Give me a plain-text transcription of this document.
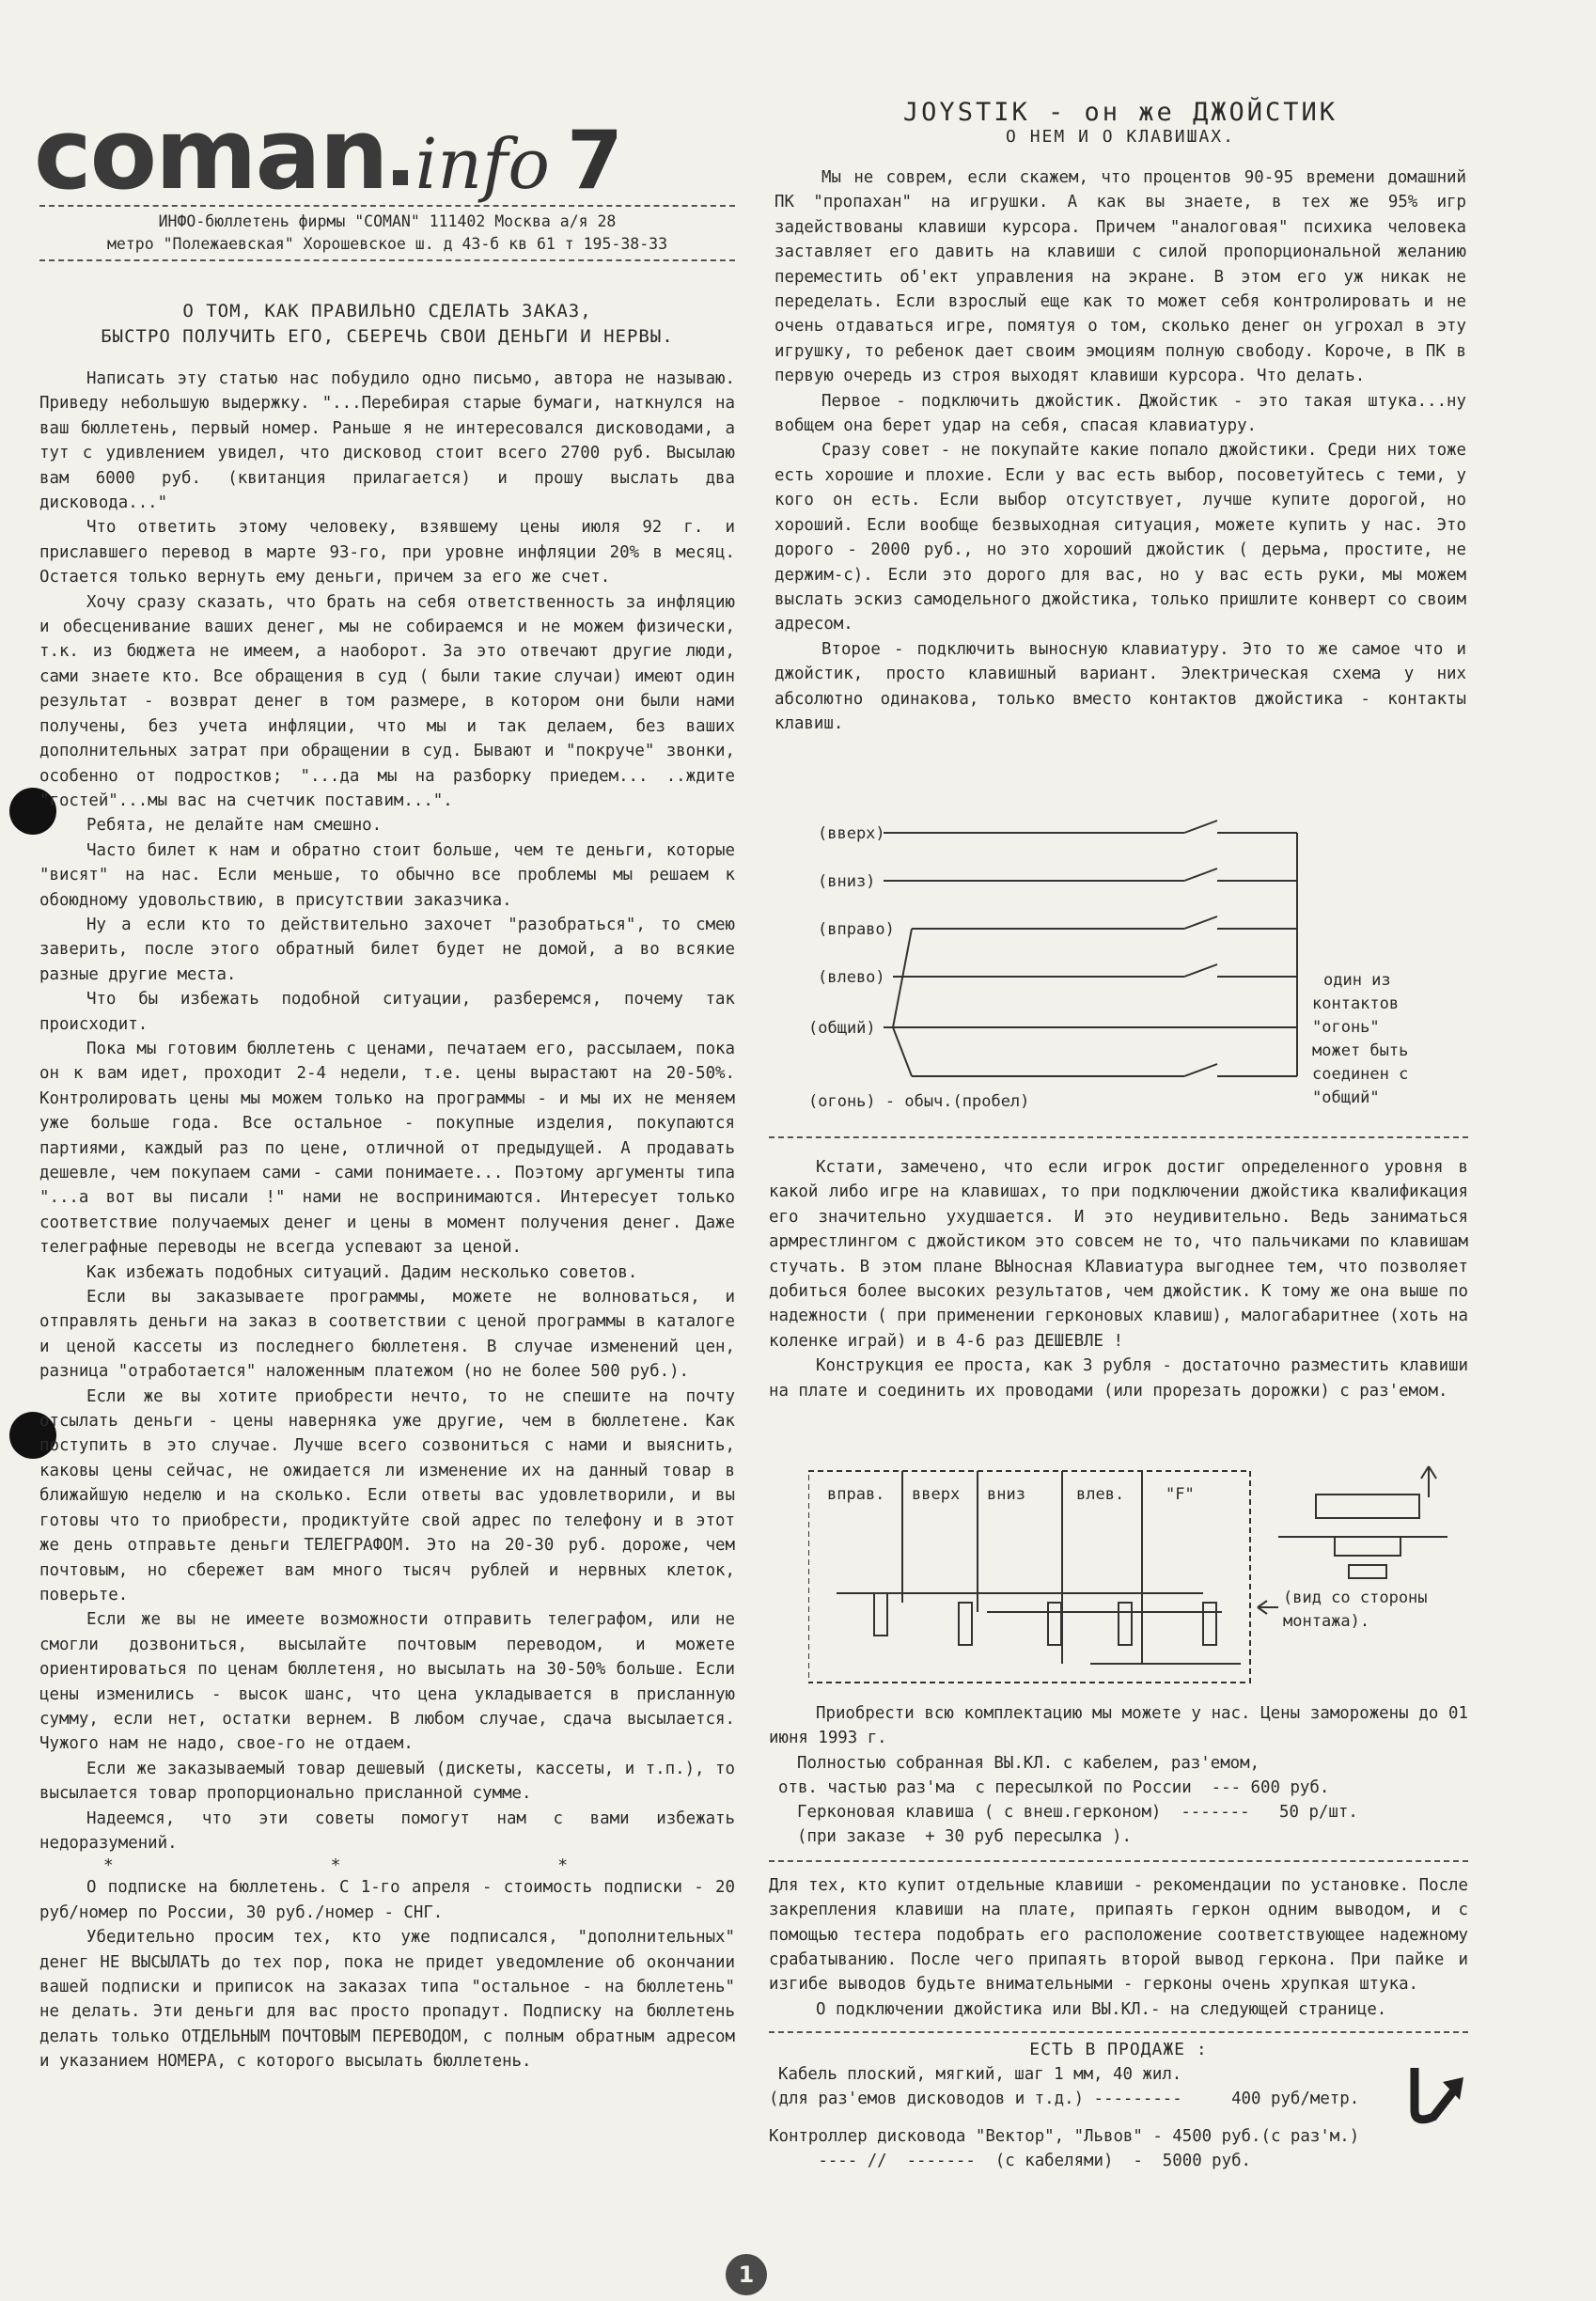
coman info 7
ИНФО-бюллетень фирмы "COMAN" 111402 Москва а/я 28
метро "Полежаевская" Хорошевское ш. д 43-б кв 61 т 195-38-33
О ТОМ, КАК ПРАВИЛЬНО СДЕЛАТЬ ЗАКАЗ,
БЫСТРО ПОЛУЧИТЬ ЕГО, СБЕРЕЧЬ СВОИ ДЕНЬГИ И НЕРВЫ.

Написать эту статью нас побудило одно письмо, автора не называю. Приведу небольшую выдержку. "...Перебирая старые бумаги, наткнулся на ваш бюллетень, первый номер. Раньше я не интересовался дисководами, а тут с удивлением увидел, что дисковод стоит всего 2700 руб. Высылаю вам 6000 руб. (квитанция прилагается) и прошу выслать два дисковода..."

Что ответить этому человеку, взявшему цены июля 92 г. и приславшего перевод в марте 93-го, при уровне инфляции 20% в месяц. Остается только вернуть ему деньги, причем за его же счет.

Хочу сразу сказать, что брать на себя ответственность за инфляцию и обесценивание ваших денег, мы не собираемся и не можем физически, т.к. из бюджета не имеем, а наоборот. За это отвечают другие люди, сами знаете кто. Все обращения в суд ( были такие случаи) имеют один результат - возврат денег в том размере, в котором они были нами получены, без учета инфляции, что мы и так делаем, без ваших дополнительных затрат при обращении в суд. Бывают и "покруче" звонки, особенно от подростков; "...да мы на разборку приедем... ..ждите "гостей"...мы вас на счетчик поставим...".

Ребята, не делайте нам смешно.

Часто билет к нам и обратно стоит больше, чем те деньги, которые "висят" на нас. Если меньше, то обычно все проблемы мы решаем к обоюдному удовольствию, в присутствии заказчика.

Ну а если кто то действительно захочет "разобраться", то смею заверить, после этого обратный билет будет не домой, а во всякие разные другие места.

Что бы избежать подобной ситуации, разберемся, почему так происходит.

Пока мы готовим бюллетень с ценами, печатаем его, рассылаем, пока он к вам идет, проходит 2-4 недели, т.е. цены вырастают на 20-50%. Контролировать цены мы можем только на программы - и мы их не меняем уже больше года. Все остальное - покупные изделия, покупаются партиями, каждый раз по цене, отличной от предыдущей. А продавать дешевле, чем покупаем сами - сами понимаете... Поэтому аргументы типа "...а вот вы писали !" нами не воспринимаются. Интересует только соответствие получаемых денег и цены в момент получения денег. Даже телеграфные переводы не всегда успевают за ценой.

Как избежать подобных ситуаций. Дадим несколько советов.

Если вы заказываете программы, можете не волноваться, и отправлять деньги на заказ в соответствии с ценой программы в каталоге и ценой кассеты из последнего бюллетеня. В случае изменений цен, разница "отработается" наложенным платежом (но не более 500 руб.).

Если же вы хотите приобрести нечто, то не спешите на почту отсылать деньги - цены наверняка уже другие, чем в бюллетене. Как поступить в это случае. Лучше всего созвониться с нами и выяснить, каковы цены сейчас, не ожидается ли изменение их на данный товар в ближайшую неделю и на сколько. Если ответы вас удовлетворили, и вы готовы что то приобрести, продиктуйте свой адрес по телефону и в этот же день отправьте деньги ТЕЛЕГРАФОМ. Это на 20-30 руб. дороже, чем почтовым, но сбережет вам много тысяч рублей и нервных клеток, поверьте.

Если же вы не имеете возможности отправить телеграфом, или не смогли дозвониться, высылайте почтовым переводом, и можете ориентироваться по ценам бюллетеня, но высылать на 30-50% больше. Если цены изменились - высок шанс, что цена укладывается в присланную сумму, если нет, остатки вернем. В любом случае, сдача высылается. Чужого нам не надо, свое-го не отдаем.

Если же заказываемый товар дешевый (дискеты, кассеты, и т.п.), то высылается товар пропорционально присланной сумме.

Надеемся, что эти советы помогут нам с вами избежать недоразумений.

* * *

О подписке на бюллетень. С 1-го апреля - стоимость подписки - 20 руб/номер по России, 30 руб./номер - СНГ.

Убедительно просим тех, кто уже подписался, "дополнительных" денег НЕ ВЫСЫЛАТЬ до тех пор, пока не придет уведомление об окончании вашей подписки и приписок на заказах типа "остальное - на бюллетень" не делать. Эти деньги для вас просто пропадут. Подписку на бюллетень делать только ОТДЕЛЬНЫМ ПОЧТОВЫМ ПЕРЕВОДОМ, с полным обратным адресом и указанием НОМЕРА, с которого высылать бюллетень.

JOYSTIK - он же ДЖОЙСТИК
О НЕМ И О КЛАВИШАХ.

Мы не соврем, если скажем, что процентов 90-95 времени домашний ПК "пропахан" на игрушки. А как вы знаете, в тех же 95% игр задействованы клавиши курсора. Причем "аналоговая" психика человека заставляет его давить на клавиши с силой пропорциональной желанию переместить об'ект управления на экране. В этом его уж никак не переделать. Если взрослый еще как то может себя контролировать и не очень отдаваться игре, помятуя о том, сколько денег он угрохал в эту игрушку, то ребенок дает своим эмоциям полную свободу. Короче, в ПК в первую очередь из строя выходят клавиши курсора. Что делать.

Первое - подключить джойстик. Джойстик - это такая штука...ну вобщем она берет удар на себя, спасая клавиатуру.

Сразу совет - не покупайте какие попало джойстики. Среди них тоже есть хорошие и плохие. Если у вас есть выбор, посоветуйтесь с теми, у кого он есть. Если выбор отсутствует, лучше купите дорогой, но хороший. Если вообще безвыходная ситуация, можете купить у нас. Это дорого - 2000 руб., но это хороший джойстик ( дерьма, простите, не держим-с). Если это дорого для вас, но у вас есть руки, мы можем выслать эскиз самодельного джойстика, только пришлите конверт со своим адресом.

Второе - подключить выносную клавиатуру. Это то же самое что и джойстик, просто клавишный вариант. Электрическая схема у них абсолютно одинакова, только вместо контактов джойстика - контакты клавиш.

(вверх)
(вниз)
(вправо)
(влево)
(общий)
(огонь) - обыч.(пробел)
один из
контактов
"огонь"
может быть
соединен с
"общий"

Кстати, замечено, что если игрок достиг определенного уровня в какой либо игре на клавишах, то при подключении джойстика квалификация его значительно ухудшается. И это неудивительно. Ведь заниматься армрестлингом с джойстиком это совсем не то, что пальчиками по клавишам стучать. В этом плане ВЫносная КЛавиатура выгоднее тем, что позволяет добиться более высоких результатов, чем джойстик. К тому же она выше по надежности ( при применении герконовых клавиш), малогабаритнее (хоть на коленке играй) и в 4-6 раз ДЕШЕВЛЕ !

Конструкция ее проста, как 3 рубля - достаточно разместить клавиши на плате и соединить их проводами (или прорезать дорожки) с раз'емом.

вправ. вверх вниз	влев.	"F"
(вид со стороны
монтажа).

Приобрести всю комплектацию мы можете у нас. Цены заморожены до 01 июня 1993 г.

Полностью собранная ВЫ.КЛ. с кабелем, раз'емом,
отв. частью раз'ма  с пересылкой по России  --- 600 руб.
Герконовая клавиша ( с внеш.герконом)  -------   50 р/шт.
(при заказе  + 30 руб пересылка ).

Для тех, кто купит отдельные клавиши - рекомендации по установке. После закрепления клавиши на плате, припаять геркон одним выводом, и с помощью тестера подобрать его расположение соответствующее надежному срабатыванию. После чего припаять второй вывод геркона. При пайке и изгибе выводов будьте внимательными - герконы очень хрупкая штука.

О подключении джойстика или ВЫ.КЛ.- на следующей странице.

ЕСТЬ В ПРОДАЖЕ :
Кабель плоский, мягкий, шаг 1 мм, 40 жил.
(для раз'емов дисководов и т.д.) ---------     400 руб/метр.
Контроллер дисковода "Вектор", "Львов" - 4500 руб.(с раз'м.)
---- //  -------  (с кабелями)  -  5000 руб.
1
